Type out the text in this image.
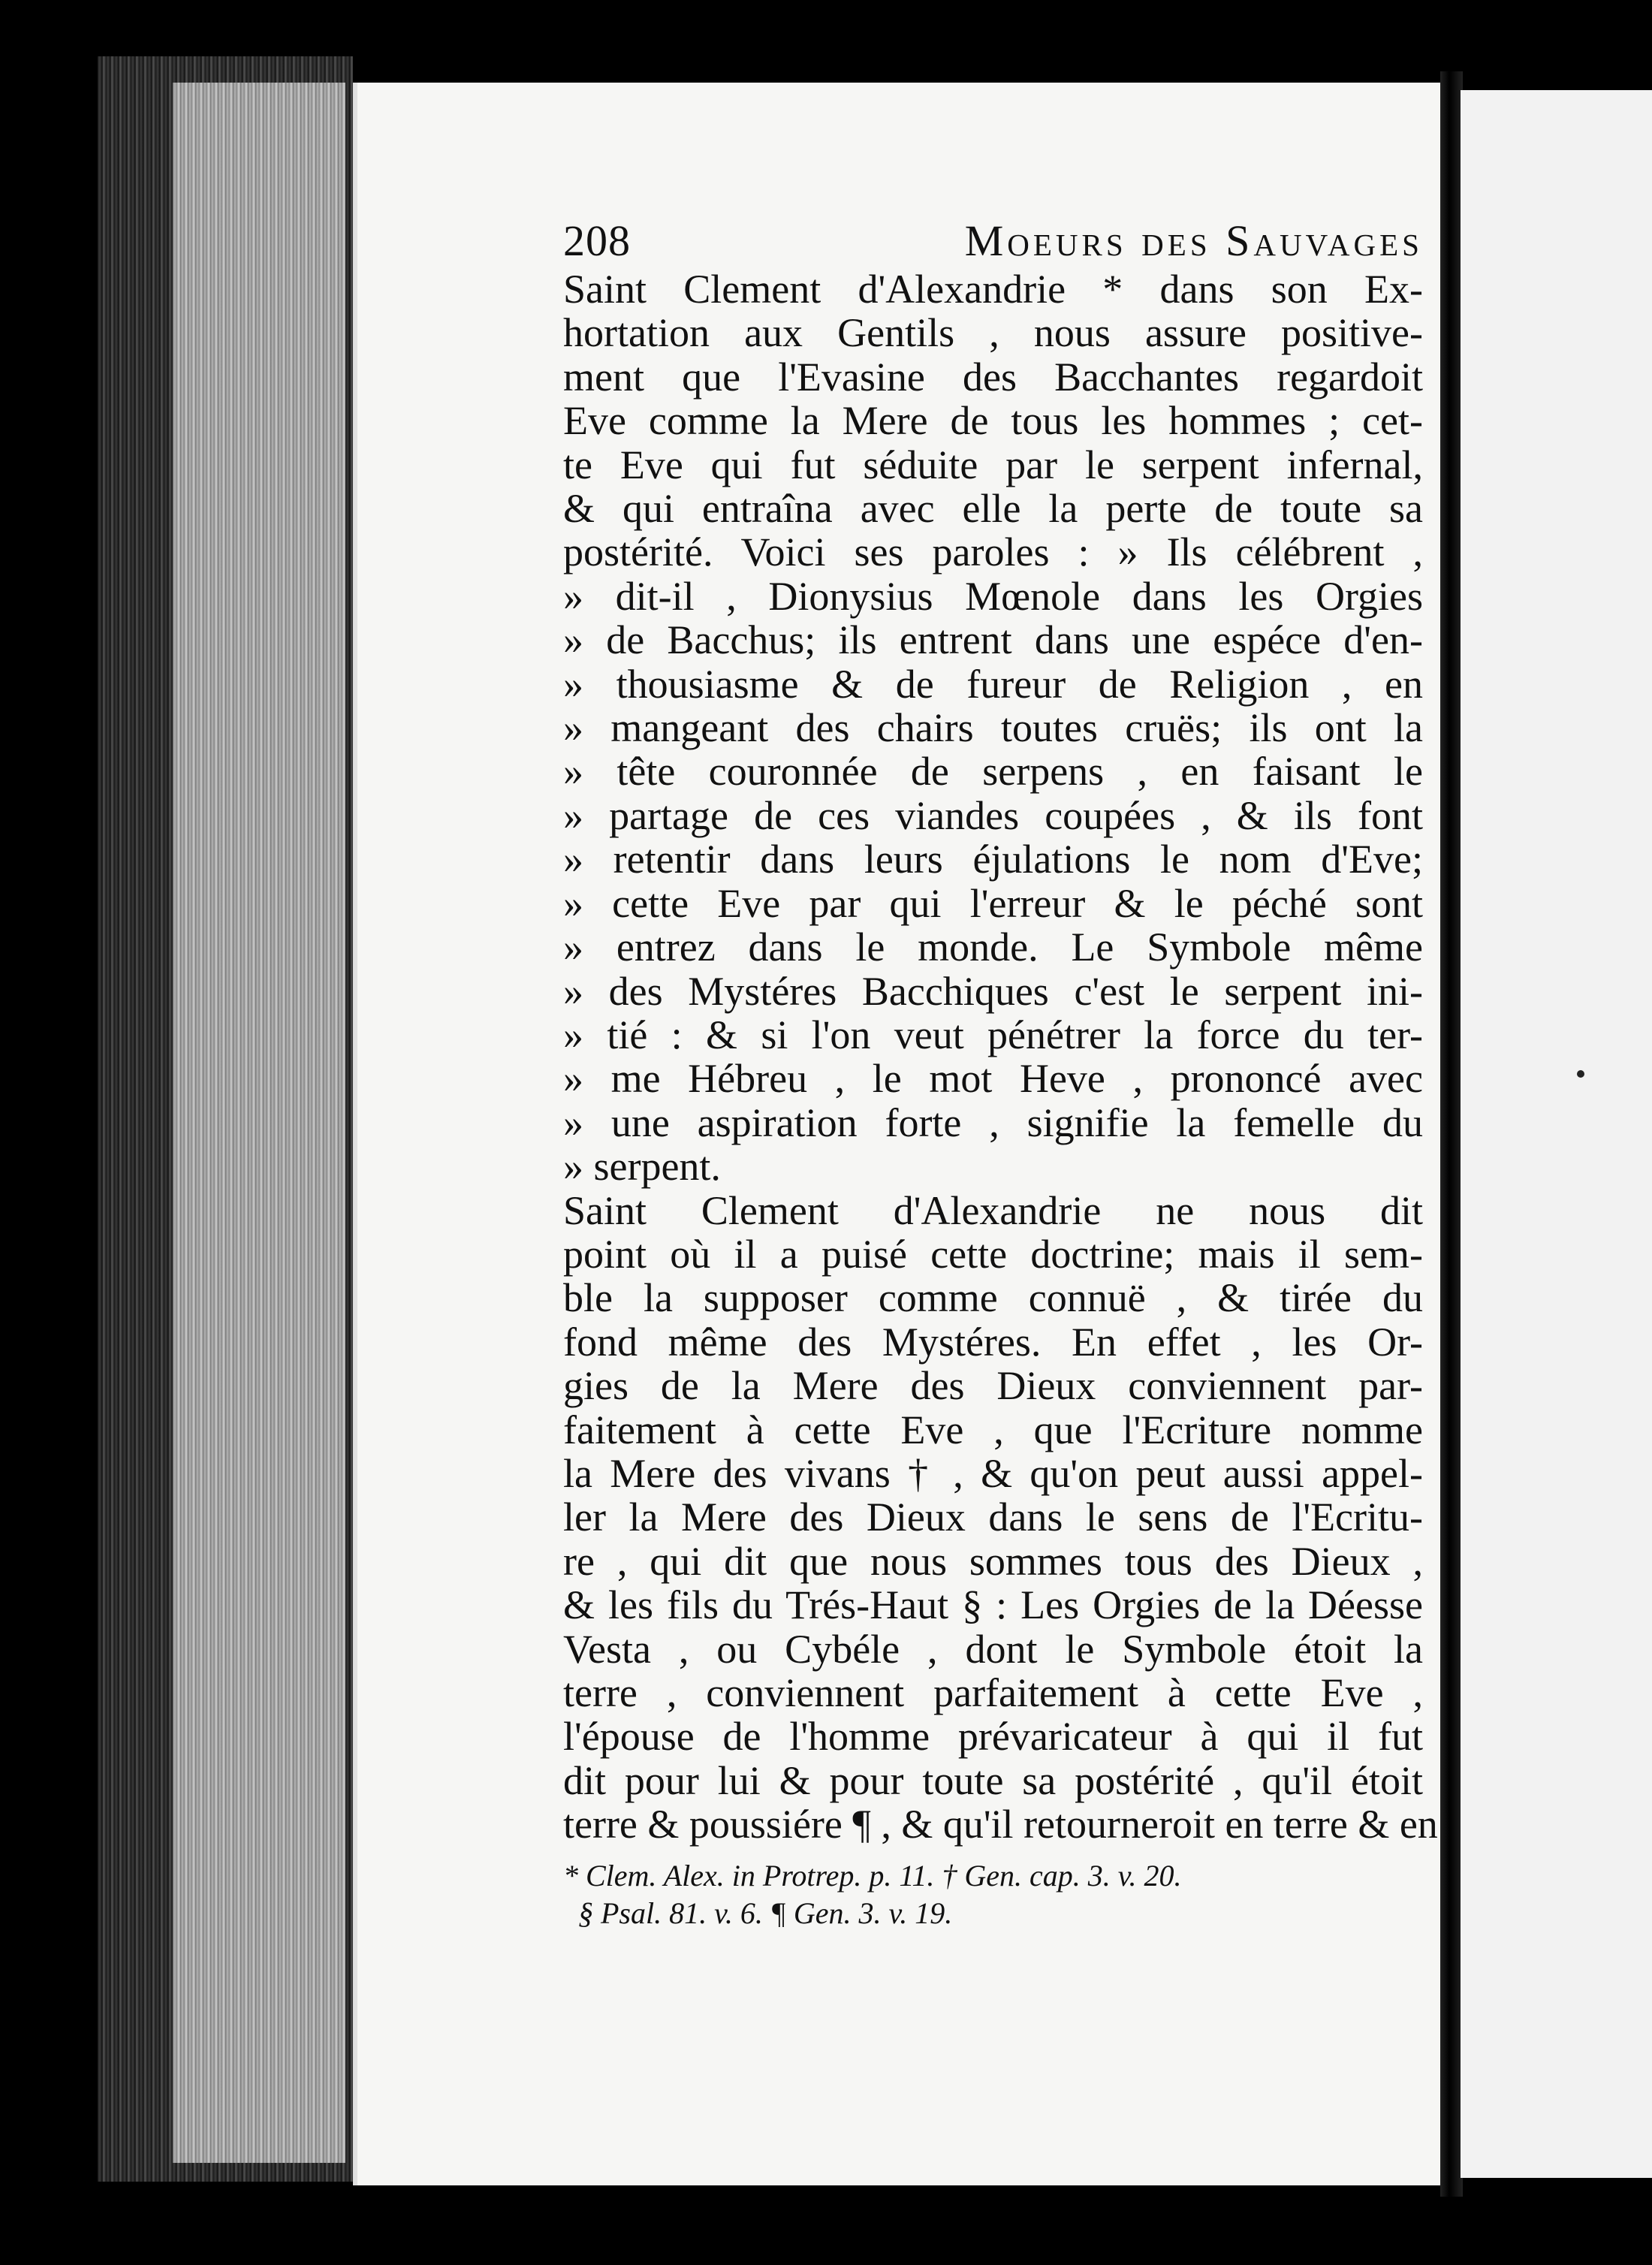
208	Moeurs des Sauvages
Saint Clement d'Alexandrie * dans son Ex-
hortation aux Gentils , nous assure positive-
ment que l'Evasine des Bacchantes regardoit
Eve comme la Mere de tous les hommes ; cet-
te Eve qui fut séduite par le serpent infernal,
& qui entraîna avec elle la perte de toute sa
postérité. Voici ses paroles : » Ils célébrent ,
» dit-il , Dionysius Mœnole dans les Orgies
» de Bacchus; ils entrent dans une espéce d'en-
» thousiasme & de fureur de Religion , en
» mangeant des chairs toutes cruës; ils ont la
» tête couronnée de serpens , en faisant le
» partage de ces viandes coupées , & ils font
» retentir dans leurs éjulations le nom d'Eve;
» cette Eve par qui l'erreur & le péché sont
» entrez dans le monde. Le Symbole même
» des Mystéres Bacchiques c'est le serpent ini-
» tié : & si l'on veut pénétrer la force du ter-
» me Hébreu , le mot Heve , prononcé avec
» une aspiration forte , signifie la femelle du
» serpent.
Saint Clement d'Alexandrie ne nous dit
point où il a puisé cette doctrine; mais il sem-
ble la supposer comme connuë , & tirée du
fond même des Mystéres. En effet , les Or-
gies de la Mere des Dieux conviennent par-
faitement à cette Eve , que l'Ecriture nomme
la Mere des vivans † , & qu'on peut aussi appel-
ler la Mere des Dieux dans le sens de l'Ecritu-
re , qui dit que nous sommes tous des Dieux ,
& les fils du Trés-Haut § : Les Orgies de la Déesse
Vesta , ou Cybéle , dont le Symbole étoit la
terre , conviennent parfaitement à cette Eve ,
l'épouse de l'homme prévaricateur à qui il fut
dit pour lui & pour toute sa postérité , qu'il étoit
terre & poussiére ¶ , & qu'il retourneroit en terre & en
* Clem. Alex. in Protrep. p. 11. † Gen. cap. 3. v. 20.
§ Psal. 81. v. 6. ¶ Gen. 3. v. 19.
